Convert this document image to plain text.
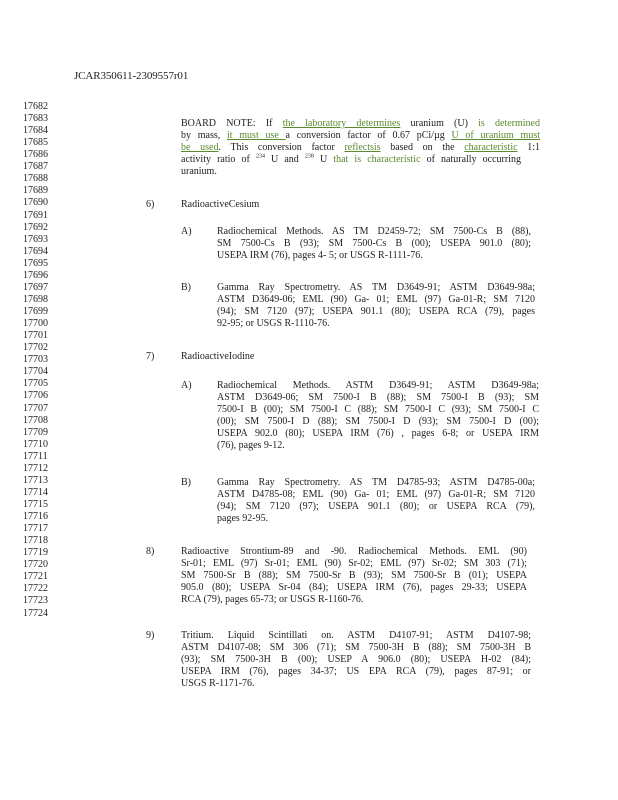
JCAR350611-2309557r01
17682
17683
17684
17685
17686
17687
17688
17689
17690
17691
17692
17693
17694
17695
17696
17697
17698
17699
17700
17701
17702
17703
17704
17705
17706
17707
17708
17709
17710
17711
17712
17713
17714
17715
17716
17717
17718
17719
17720
17721
17722
17723
17724
BOARD NOTE: If the laboratory determines uranium (U) is determined
by mass, it must use a conversion factor of 0.67 pCi/µg U of uranium must
be used. This conversion factor reflectsis based on the characteristic 1:1
activity ratio of $^{234}$ U and $^{238}$ U that is characteristic of naturally occurring
uranium.
6)	RadioactiveCesium
A)	Radiochemical Methods. AS TM D2459-72; SM 7500-Cs B (88),
SM 7500-Cs B (93); SM 7500-Cs B (00); USEPA 901.0 (80);
USEPA IRM (76), pages 4- 5; or USGS R-1111-76.
B)	Gamma Ray Spectrometry. AS TM D3649-91; ASTM D3649-98a;
ASTM D3649-06; EML (90) Ga- 01; EML (97) Ga-01-R; SM 7120
(94); SM 7120 (97); USEPA 901.1 (80); USEPA RCA (79), pages
92-95; or USGS R-1110-76.
7)	RadioactiveIodine
A)	Radiochemical Methods. ASTM D3649-91; ASTM D3649-98a;
ASTM D3649-06; SM 7500-I B (88); SM 7500-I B (93); SM
7500-I B (00); SM 7500-I C (88); SM 7500-I C (93); SM 7500-I C
(00); SM 7500-I D (88); SM 7500-I D (93); SM 7500-I D (00);
USEPA 902.0 (80); USEPA IRM (76) , pages 6-8; or USEPA IRM
(76), pages 9-12.
B)	Gamma Ray Spectrometry. AS TM D4785-93; ASTM D4785-00a;
ASTM D4785-08; EML (90) Ga- 01; EML (97) Ga-01-R; SM 7120
(94); SM 7120 (97); USEPA 901.1 (80); or USEPA RCA (79),
pages 92-95.
8)	Radioactive Strontium-89 and -90. Radiochemical Methods. EML (90)
Sr-01; EML (97) Sr-01; EML (90) Sr-02; EML (97) Sr-02; SM 303 (71);
SM 7500-Sr B (88); SM 7500-Sr B (93); SM 7500-Sr B (01); USEPA
905.0 (80); USEPA Sr-04 (84); USEPA IRM (76), pages 29-33; USEPA
RCA (79), pages 65-73; or USGS R-1160-76.
9)	Tritium. Liquid Scintillati on. ASTM D4107-91; ASTM D4107-98;
ASTM D4107-08; SM 306 (71); SM 7500-3H B (88); SM 7500-3H B
(93); SM 7500-3H B (00); USEP A 906.0 (80); USEPA H-02 (84);
USEPA IRM (76), pages 34-37; US EPA RCA (79), pages 87-91; or
USGS R-1171-76.
